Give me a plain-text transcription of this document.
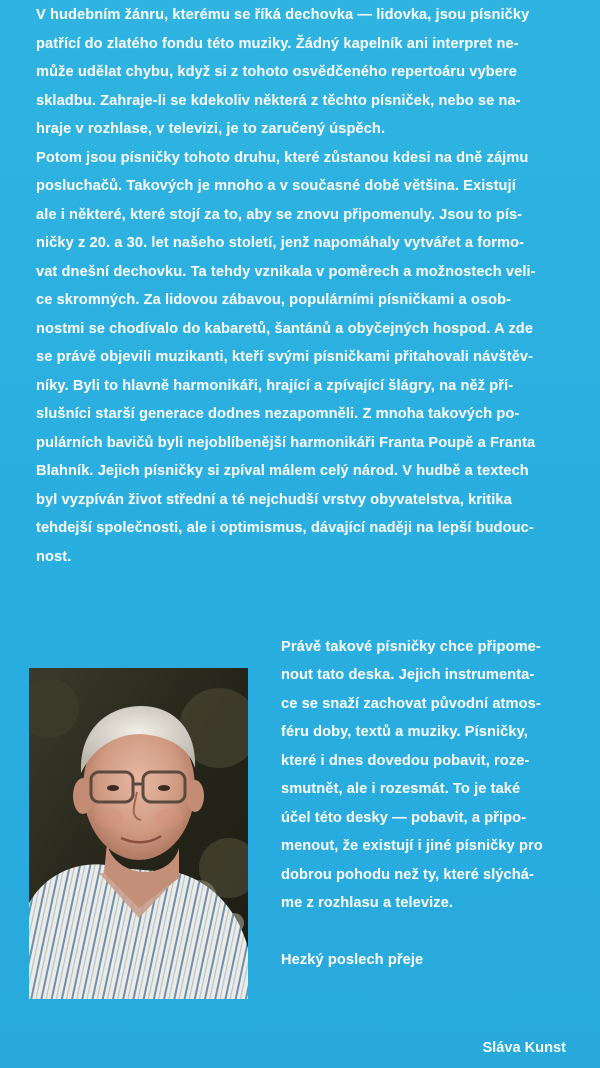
V hudebním žánru, kterému se říká dechovka — lidovka, jsou písničky
patřící do zlatého fondu této muziky. Žádný kapelník ani interpret ne-
může udělat chybu, když si z tohoto osvědčeného repertoáru vybere
skladbu. Zahraje-li se kdekoliv některá z těchto písniček, nebo se na-
hraje v rozhlase, v televizi, je to zaručený úspěch.
Potom jsou písničky tohoto druhu, které zůstanou kdesi na dně zájmu
posluchačů. Takových je mnoho a v současné době většina. Existují
ale i některé, které stojí za to, aby se znovu připomenuly. Jsou to pís-
ničky z 20. a 30. let našeho století, jenž napomáhaly vytvářet a formo-
vat dnešní dechovku. Ta tehdy vznikala v poměrech a možnostech veli-
ce skromných. Za lidovou zábavou, populárními písničkami a osob-
nostmi se chodívalo do kabaretů, šantánů a obyčejných hospod. A zde
se právě objevili muzikanti, kteří svými písničkami přitahovali návštěv-
níky. Byli to hlavně harmonikáři, hrající a zpívající šlágry, na něž pří-
slušníci starší generace dodnes nezapomněli. Z mnoha takových po-
pulárních bavičů byli nejoblíbenější harmonikáři Franta Poupě a Franta
Blahník. Jejich písničky si zpíval málem celý národ. V hudbě a textech
byl vyzpíván život střední a té nejchudší vrstvy obyvatelstva, kritika
tehdejší společnosti, ale i optimismus, dávající naději na lepší budouc-
nost.
Právě takové písničky chce připome-
nout tato deska. Jejich instrumenta-
ce se snaží zachovat původní atmos-
féru doby, textů a muziky. Písničky,
které i dnes dovedou pobavit, roze-
smutnět, ale i rozesmát. To je také
účel této desky — pobavit, a připo-
menout, že existují i jiné písničky pro
dobrou pohodu než ty, které slýchá-
me z rozhlasu a televize.
Hezký poslech přeje
Sláva Kunst
